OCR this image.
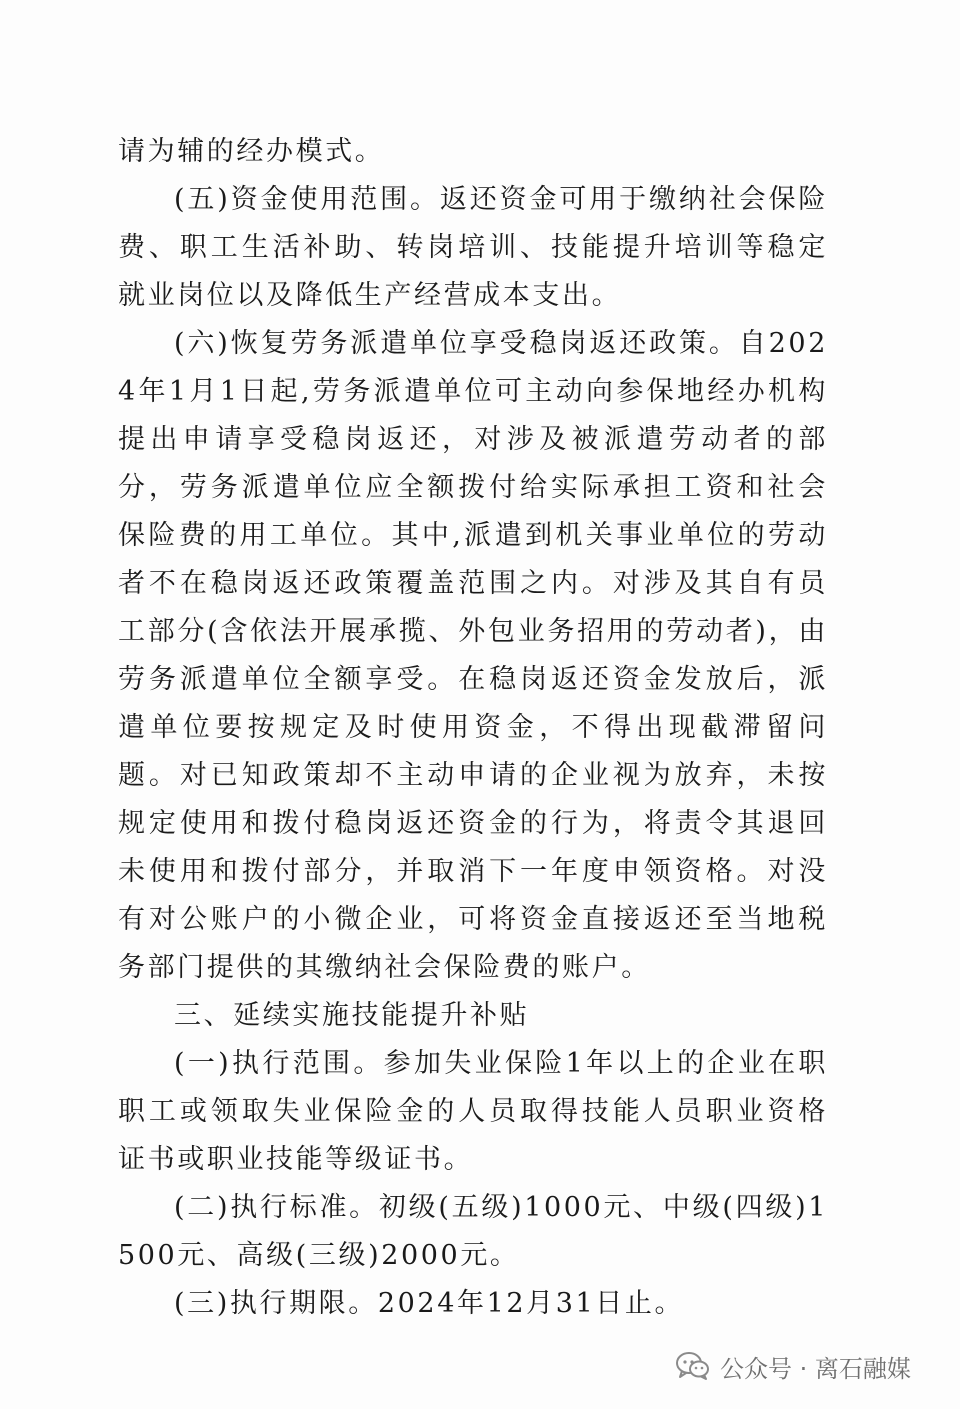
请为辅的经办模式。

(五)资金使用范围。返还资金可用于缴纳社会保险费、职工生活补助、转岗培训、技能提升培训等稳定就业岗位以及降低生产经营成本支出。

(六)恢复劳务派遣单位享受稳岗返还政策。自2024年1月1日起,劳务派遣单位可主动向参保地经办机构提出申请享受稳岗返还，对涉及被派遣劳动者的部分，劳务派遣单位应全额拨付给实际承担工资和社会保险费的用工单位。其中,派遣到机关事业单位的劳动者不在稳岗返还政策覆盖范围之内。对涉及其自有员工部分(含依法开展承揽、外包业务招用的劳动者)，由劳务派遣单位全额享受。在稳岗返还资金发放后，派遣单位要按规定及时使用资金，不得出现截滞留问题。对已知政策却不主动申请的企业视为放弃，未按规定使用和拨付稳岗返还资金的行为，将责令其退回未使用和拨付部分，并取消下一年度申领资格。对没有对公账户的小微企业，可将资金直接返还至当地税务部门提供的其缴纳社会保险费的账户。

三、延续实施技能提升补贴

(一)执行范围。参加失业保险1年以上的企业在职职工或领取失业保险金的人员取得技能人员职业资格证书或职业技能等级证书。

(二)执行标准。初级(五级)1000元、中级(四级)1500元、高级(三级)2000元。

(三)执行期限。2024年12月31日止。

公众号 · 离石融媒
